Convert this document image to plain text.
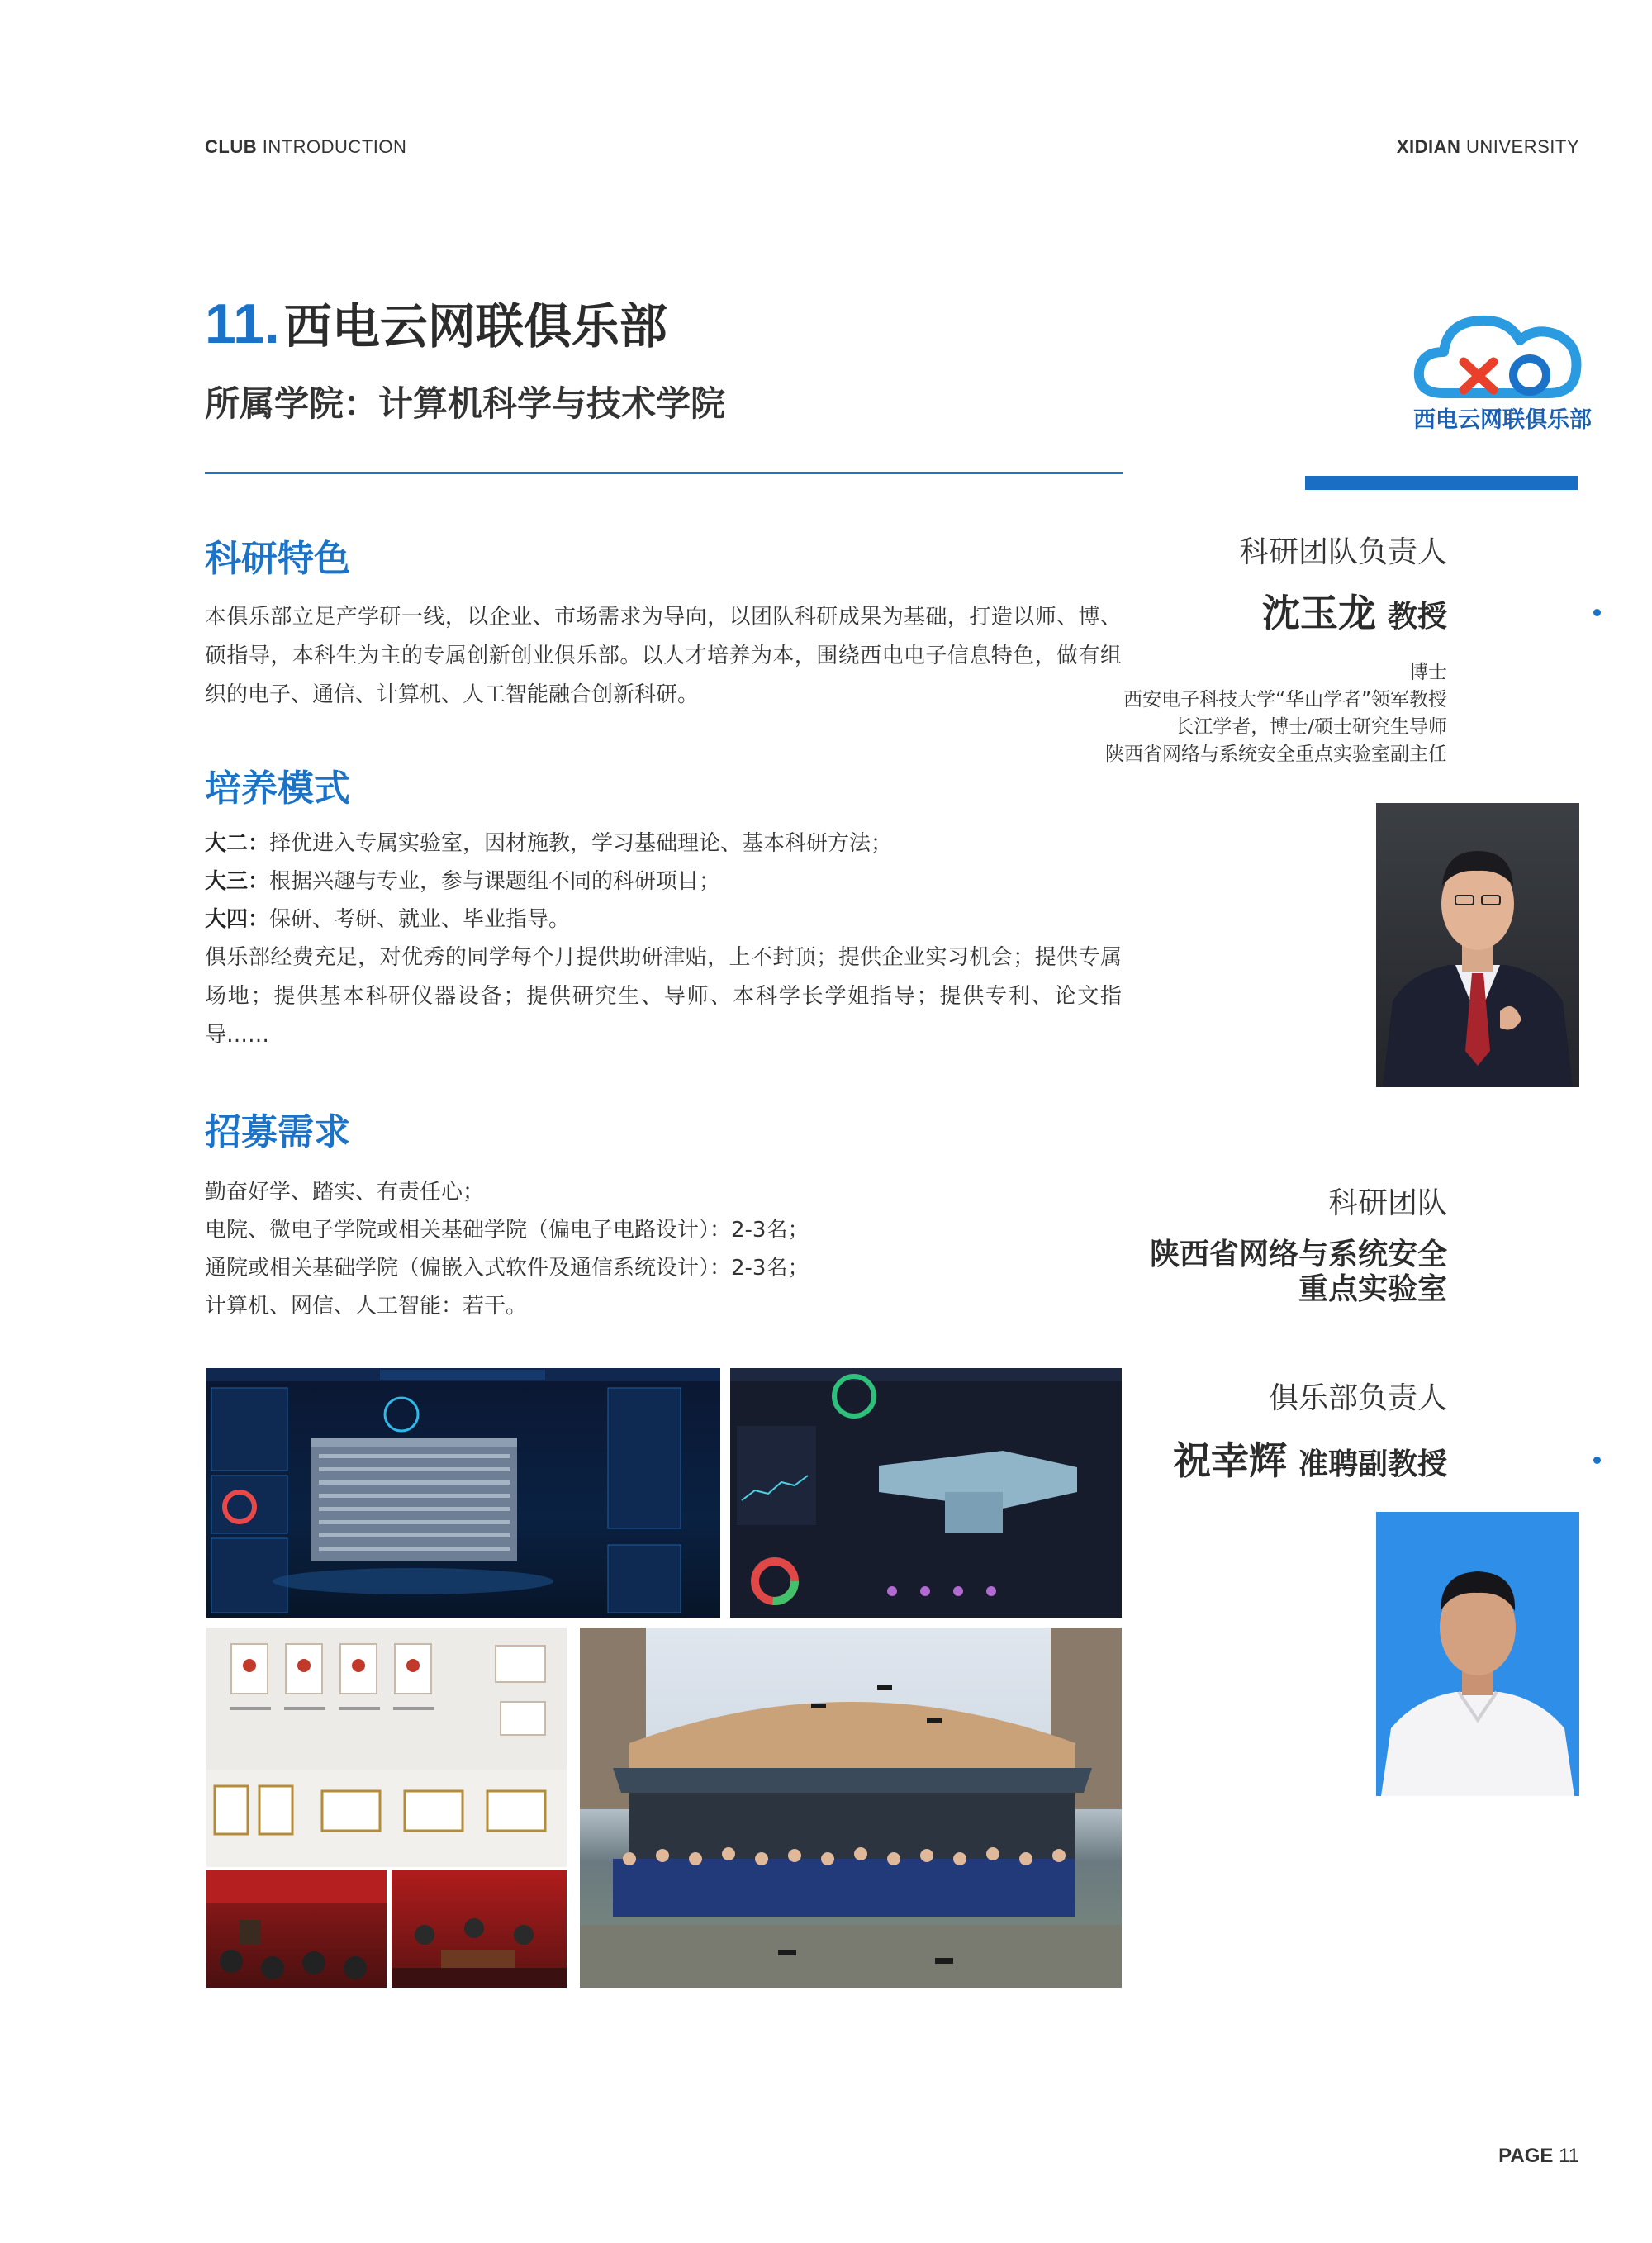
CLUB INTRODUCTION	XIDIAN UNIVERSITY
11. 西电云网联俱乐部
所属学院：计算机科学与技术学院	西电云网联俱乐部
科研特色
本俱乐部立足产学研一线，以企业、市场需求为导向，以团队科研成果为基础，打造以师、博、硕指导，本科生为主的专属创新创业俱乐部。以人才培养为本，围绕西电电子信息特色，做有组织的电子、通信、计算机、人工智能融合创新科研。
培养模式
大二：择优进入专属实验室，因材施教，学习基础理论、基本科研方法；
大三：根据兴趣与专业，参与课题组不同的科研项目；
大四：保研、考研、就业、毕业指导。
俱乐部经费充足，对优秀的同学每个月提供助研津贴，上不封顶；提供企业实习机会；提供专属场地；提供基本科研仪器设备；提供研究生、导师、本科学长学姐指导；提供专利、论文指导……
招募需求
勤奋好学、踏实、有责任心；
电院、微电子学院或相关基础学院（偏电子电路设计）：2-3名；
通院或相关基础学院（偏嵌入式软件及通信系统设计）：2-3名；
计算机、网信、人工智能：若干。
科研团队负责人
沈玉龙 教授
博士
西安电子科技大学“华山学者”领军教授
长江学者，博士/硕士研究生导师
陕西省网络与系统安全重点实验室副主任
科研团队
陕西省网络与系统安全
重点实验室
俱乐部负责人
祝幸辉 准聘副教授
PAGE 11
